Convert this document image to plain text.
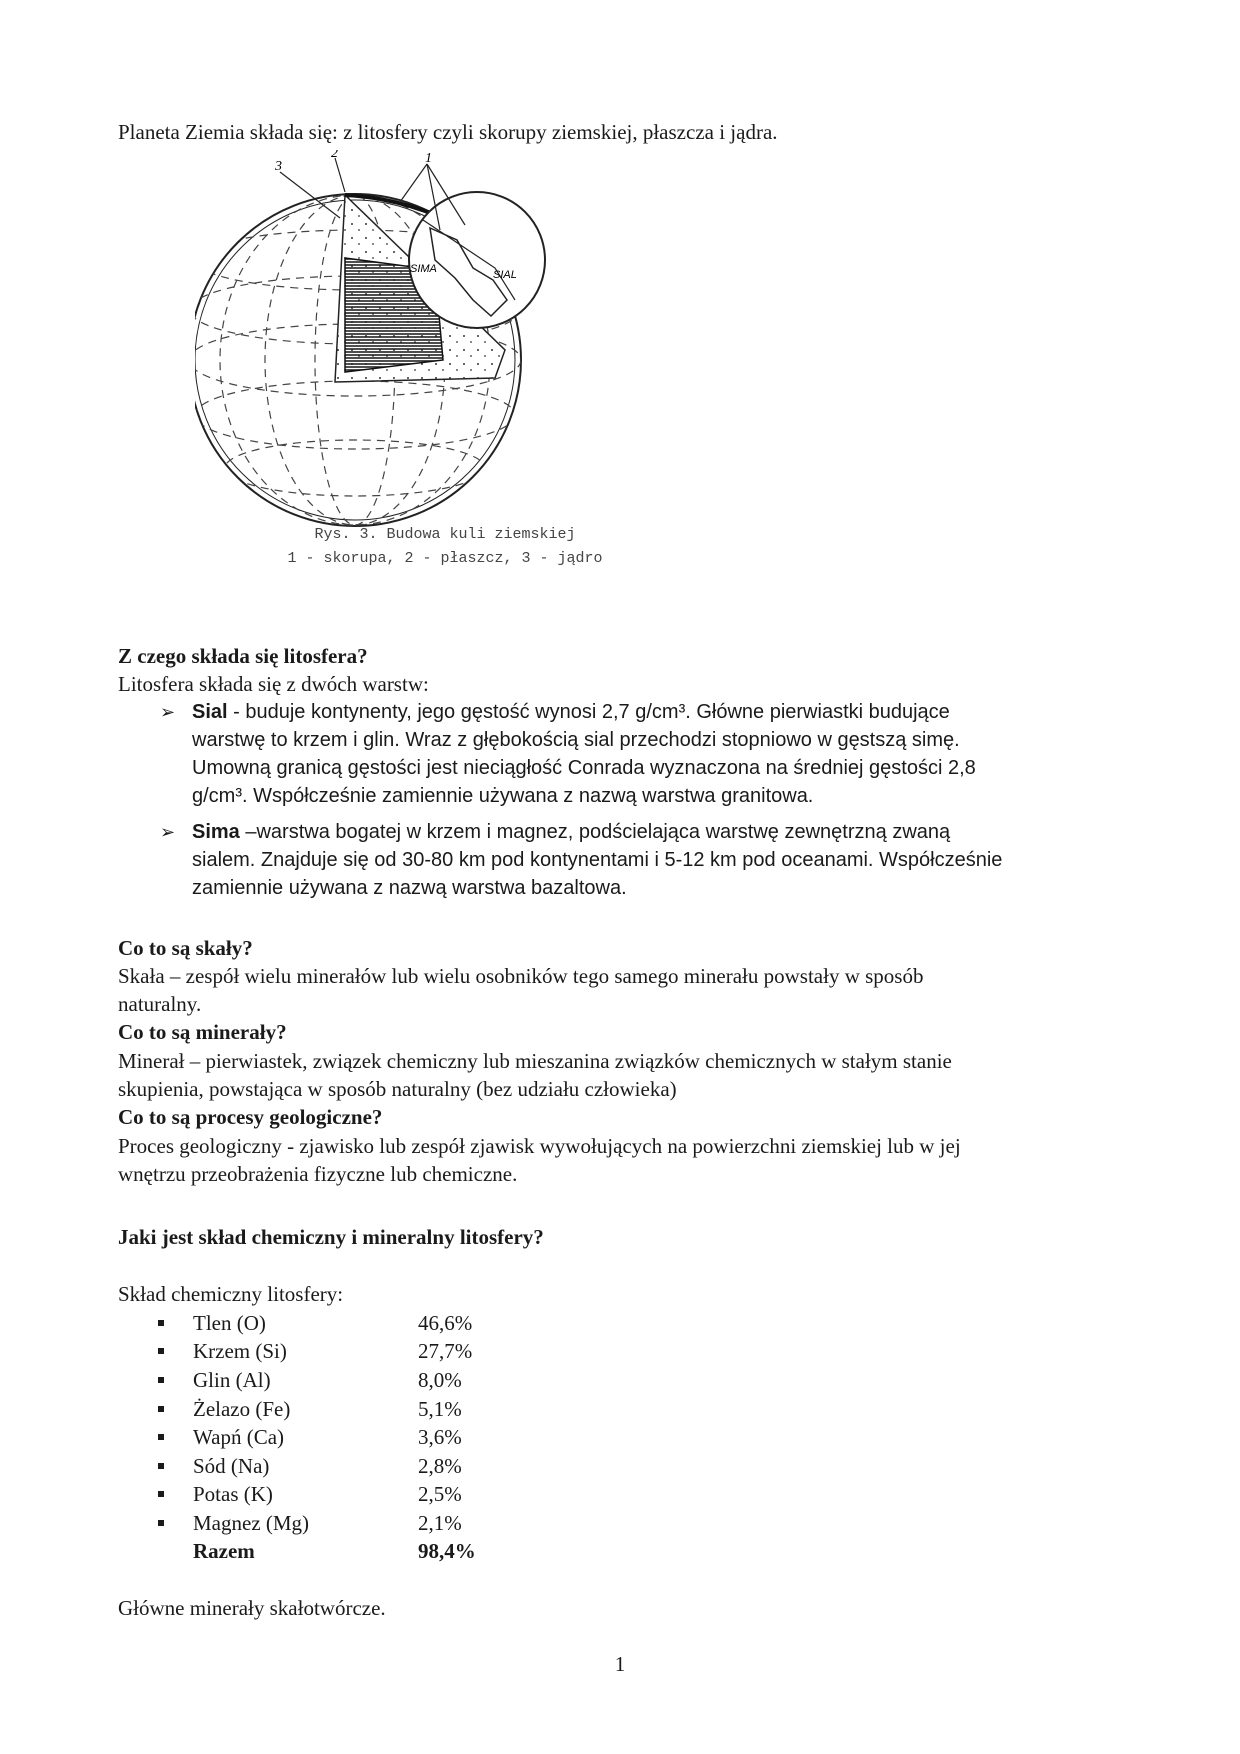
Planeta Ziemia składa się: z litosfery czyli skorupy ziemskiej, płaszcza i jądra.

3
2	1
SIMA	SIAL
Rys. 3. Budowa kuli ziemskiej
1 - skorupa, 2 - płaszcz, 3 - jądro

Z czego składa się litosfera?

Litosfera składa się z dwóch warstw:

➢ Sial - buduje kontynenty, jego gęstość wynosi 2,7 g/cm³. Główne pierwiastki budujące
warstwę to krzem i glin. Wraz z głębokością sial przechodzi stopniowo w gęstszą simę.
Umowną granicą gęstości jest nieciągłość Conrada wyznaczona na średniej gęstości 2,8
g/cm³. Współcześnie zamiennie używana z nazwą warstwa granitowa.
➢ Sima –warstwa bogatej w krzem i magnez, podścielająca warstwę zewnętrzną zwaną
sialem. Znajduje się od 30-80 km pod kontynentami i 5-12 km pod oceanami. Współcześnie
zamiennie używana z nazwą warstwa bazaltowa.

Co to są skały?

Skała – zespół wielu minerałów lub wielu osobników tego samego minerału powstały w sposób

naturalny.

Co to są minerały?

Minerał – pierwiastek, związek chemiczny lub mieszanina związków chemicznych w stałym stanie

skupienia, powstająca w sposób naturalny (bez udziału człowieka)

Co to są procesy geologiczne?

Proces geologiczny - zjawisko lub zespół zjawisk wywołujących na powierzchni ziemskiej lub w jej

wnętrzu przeobrażenia fizyczne lub chemiczne.

Jaki jest skład chemiczny i mineralny litosfery?

Skład chemiczny litosfery:

Tlen (O)	46,6%
Krzem (Si)	27,7%
Glin (Al)	8,0%
Żelazo (Fe)	5,1%
Wapń (Ca)	3,6%
Sód (Na)	2,8%
Potas (K)	2,5%
Magnez (Mg)	2,1%
Razem	98,4%

Główne minerały skałotwórcze.

1
